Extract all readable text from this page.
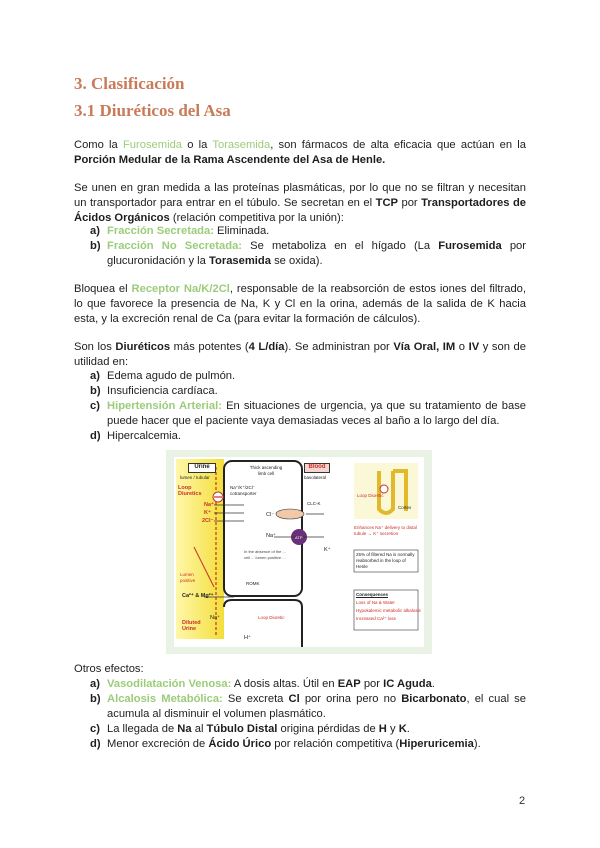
3. Clasificación
3.1 Diuréticos del Asa

Como la Furosemida o la Torasemida, son fármacos de alta eficacia que actúan en la Porción Medular de la Rama Ascendente del Asa de Henle.

Se unen en gran medida a las proteínas plasmáticas, por lo que no se filtran y necesitan un transportador para entrar en el túbulo. Se secretan en el TCP por Transportadores de Ácidos Orgánicos (relación competitiva por la unión):

a) Fracción Secretada: Eliminada.
b) Fracción No Secretada: Se metaboliza en el hígado (La Furosemida por glucuronidación y la Torasemida se oxida).

Bloquea el Receptor Na/K/2Cl, responsable de la reabsorción de estos iones del filtrado, lo que favorece la presencia de Na, K y Cl en la orina, además de la salida de K hacia esta, y la excreción renal de Ca (para evitar la formación de cálculos).

Son los Diuréticos más potentes (4 L/día). Se administran por Vía Oral, IM o IV y son de utilidad en:

a) Edema agudo de pulmón.
b) Insuficiencia cardíaca.
c) Hipertensión Arterial: En situaciones de urgencia, ya que su tratamiento de base puede hacer que el paciente vaya demasiadas veces al baño a lo largo del día.
d) Hipercalcemia.
Urine
lumen / tubular
Thick ascending limb cell
Blood
basolateral
Loop Diuretics
Na⁺/K⁺/2Cl⁻ cotransporter
Na⁺
K⁺
2Cl⁻
CLC-K
Cl⁻
Na⁺	ATP
K⁺
In the absence of the ... cell ... lumen positive ...
ROMK
Lumen positive
Ca²⁺ & Mg²⁺
Diluted Urine
Na⁺
H⁺
Loop Diuretic
Loop Diuretic
Cortex
Enhances Na⁺ delivery to distal tubule → K⁺ secretion
25% of filtered Na is normally reabsorbed in the loop of Henle
Consequences
Loss of Na & Water
Hypokalemic metabolic alkalosis
Increased Ca²⁺ loss

Otros efectos:

a) Vasodilatación Venosa: A dosis altas. Útil en EAP por IC Aguda.
b) Alcalosis Metabólica: Se excreta Cl por orina pero no Bicarbonato, el cual se acumula al disminuir el volumen plasmático.
c) La llegada de Na al Túbulo Distal origina pérdidas de H y K.
d) Menor excreción de Ácido Úrico por relación competitiva (Hiperuricemia).
2
